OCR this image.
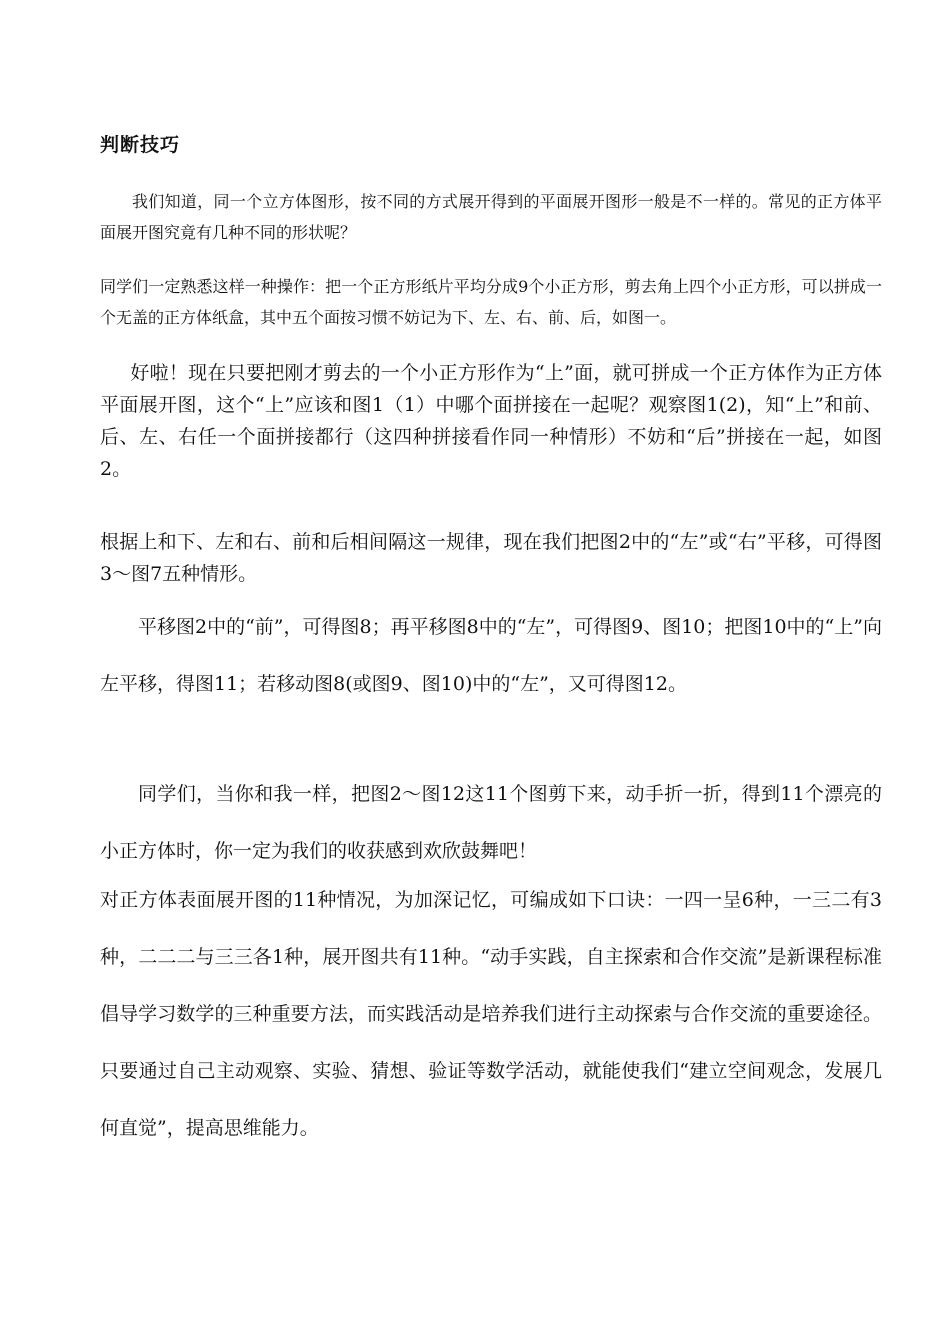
判断技巧

我们知道，同一个立方体图形，按不同的方式展开得到的平面展开图形一般是不一样的。常见的正方体平面展开图究竟有几种不同的形状呢？

同学们一定熟悉这样一种操作：把一个正方形纸片平均分成9个小正方形，剪去角上四个小正方形，可以拼成一个无盖的正方体纸盒，其中五个面按习惯不妨记为下、左、右、前、后，如图一。

好啦！现在只要把刚才剪去的一个小正方形作为“上”面，就可拼成一个正方体作为正方体平面展开图，这个“上”应该和图1（1）中哪个面拼接在一起呢？观察图1(2)，知“上”和前、后、左、右任一个面拼接都行（这四种拼接看作同一种情形）不妨和“后”拼接在一起，如图2。

根据上和下、左和右、前和后相间隔这一规律，现在我们把图2中的“左”或“右”平移，可得图3～图7五种情形。

平移图2中的“前”，可得图8；再平移图8中的“左”，可得图9、图10；把图10中的“上”向左平移，得图11；若移动图8(或图9、图10)中的“左”，又可得图12。

同学们，当你和我一样，把图2～图12这11个图剪下来，动手折一折，得到11个漂亮的小正方体时，你一定为我们的收获感到欢欣鼓舞吧！

对正方体表面展开图的11种情况，为加深记忆，可编成如下口诀：一四一呈6种，一三二有3种，二二二与三三各1种，展开图共有11种。“动手实践，自主探索和合作交流”是新课程标准倡导学习数学的三种重要方法，而实践活动是培养我们进行主动探索与合作交流的重要途径。只要通过自己主动观察、实验、猜想、验证等数学活动，就能使我们“建立空间观念，发展几何直觉”，提高思维能力。
